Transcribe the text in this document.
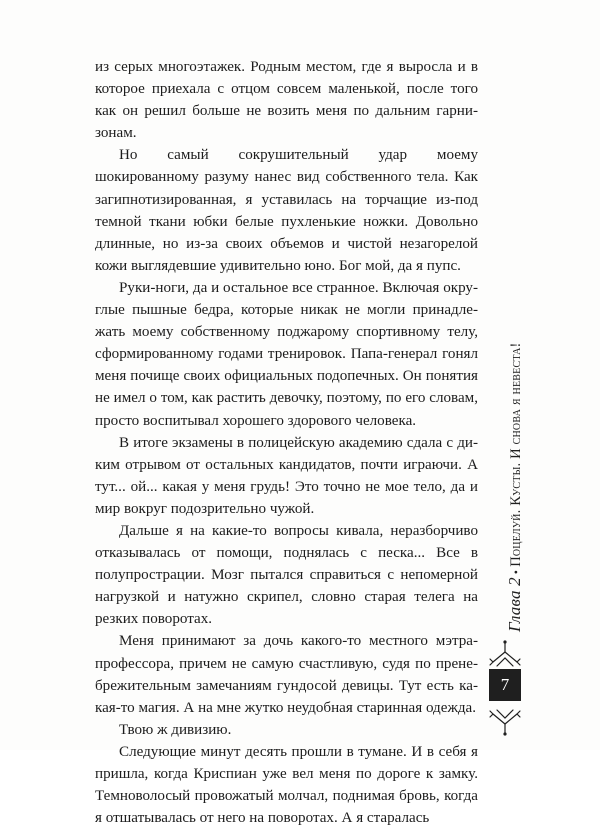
из серых многоэтажек. Родным местом, где я выросла и в которое приехала с отцом совсем маленькой, после того как он решил больше не возить меня по дальним гарнизонам.

Но самый сокрушительный удар моему шокированному разуму нанес вид собственного тела. Как загипнотизированная, я уставилась на торчащие из-под темной ткани юбки белые пухленькие ножки. Довольно длинные, но из-за своих объемов и чистой незагорелой кожи выглядевшие удивительно юно. Бог мой, да я пупс.

Руки-ноги, да и остальное все странное. Включая округлые пышные бедра, которые никак не могли принадлежать моему собственному поджарому спортивному телу, сформированному годами тренировок. Папа-генерал гонял меня почище своих официальных подопечных. Он понятия не имел о том, как растить девочку, поэтому, по его словам, просто воспитывал хорошего здорового человека.

В итоге экзамены в полицейскую академию сдала с диким отрывом от остальных кандидатов, почти играючи. А тут... ой... какая у меня грудь! Это точно не мое тело, да и мир вокруг подозрительно чужой.

Дальше я на какие-то вопросы кивала, неразборчиво отказывалась от помощи, поднялась с песка... Все в полупрострации. Мозг пытался справиться с непомерной нагрузкой и натужно скрипел, словно старая телега на резких поворотах.

Меня принимают за дочь какого-то местного мэтра-профессора, причем не самую счастливую, судя по пренебрежительным замечаниям гундосой девицы. Тут есть какая-то магия. А на мне жутко неудобная старинная одежда.

Твою ж дивизию.

Следующие минут десять прошли в тумане. И в себя я пришла, когда Криспиан уже вел меня по дороге к замку. Темноволосый провожатый молчал, поднимая бровь, когда я отшатывалась от него на поворотах. А я старалась

Глава 2•Поцелуй. Кусты. И снова я невеста!
7
